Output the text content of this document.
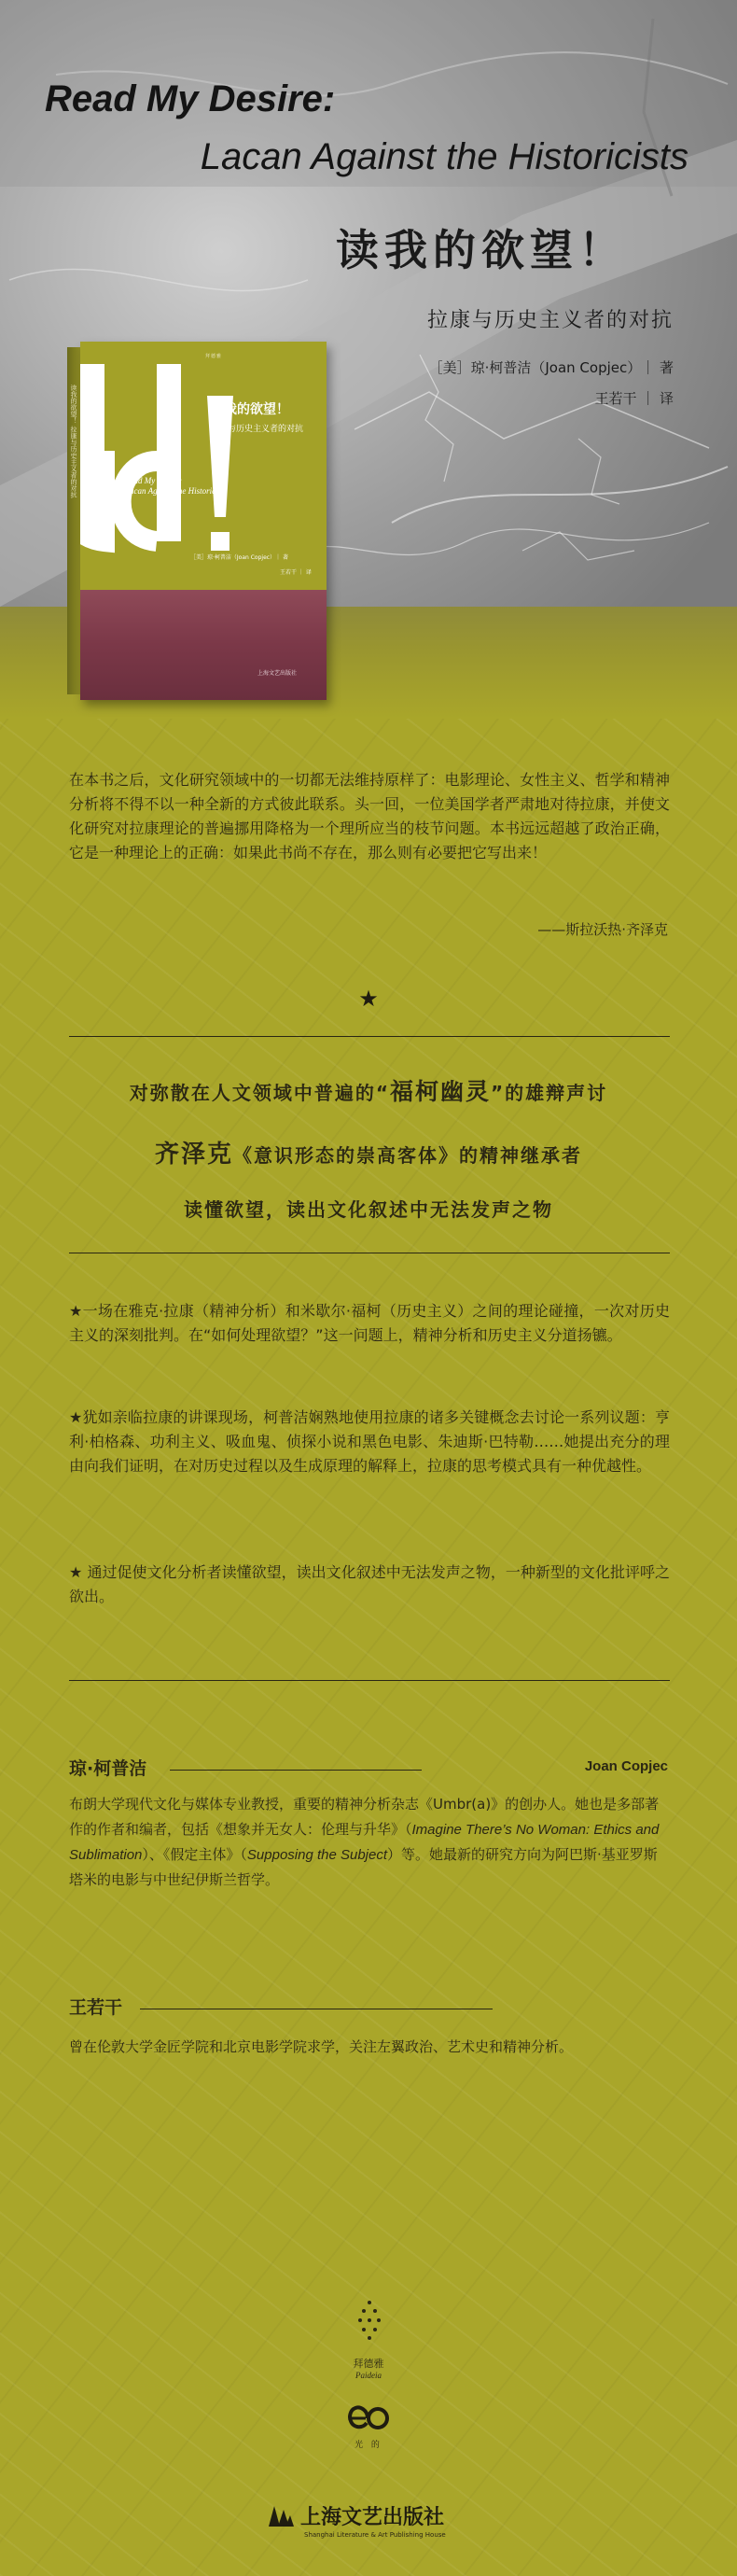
Read My Desire:
Lacan Against the Historicists
读我的欲望！
拉康与历史主义者的对抗
［美］琼·柯普洁（Joan Copjec）｜ 著
王若干 ｜ 译
读我的欲望！ 拉康与历史主义者的对抗
拜德雅
读我的欲望！
拉康与历史主义者的对抗
Read My Desire:
Lacan Against the Historicists
［美］琼·柯普洁（Joan Copjec）｜ 著
王若干 ｜ 译
上海文艺出版社
在本书之后，文化研究领域中的一切都无法维持原样了：电影理论、女性主义、哲学和精神分析将不得不以一种全新的方式彼此联系。头一回，一位美国学者严肃地对待拉康，并使文化研究对拉康理论的普遍挪用降格为一个理所应当的枝节问题。本书远远超越了政治正确，它是一种理论上的正确：如果此书尚不存在，那么则有必要把它写出来！
——斯拉沃热·齐泽克
★
对弥散在人文领域中普遍的“福柯幽灵”的雄辩声讨
齐泽克《意识形态的崇高客体》的精神继承者
读懂欲望，读出文化叙述中无法发声之物
★一场在雅克·拉康（精神分析）和米歇尔·福柯（历史主义）之间的理论碰撞，一次对历史主义的深刻批判。在“如何处理欲望？”这一问题上，精神分析和历史主义分道扬镳。
★犹如亲临拉康的讲课现场，柯普洁娴熟地使用拉康的诸多关键概念去讨论一系列议题：亨利·柏格森、功利主义、吸血鬼、侦探小说和黑色电影、朱迪斯·巴特勒……她提出充分的理由向我们证明，在对历史过程以及生成原理的解释上，拉康的思考模式具有一种优越性。
★ 通过促使文化分析者读懂欲望，读出文化叙述中无法发声之物，一种新型的文化批评呼之欲出。
琼·柯普洁	Joan Copjec
布朗大学现代文化与媒体专业教授，重要的精神分析杂志《Umbr(a)》的创办人。她也是多部著作的作者和编者，包括《想象并无女人：伦理与升华》（Imagine There’s No Woman: Ethics and Sublimation）、《假定主体》（Supposing the Subject）等。她最新的研究方向为阿巴斯·基亚罗斯塔米的电影与中世纪伊斯兰哲学。
王若干
曾在伦敦大学金匠学院和北京电影学院求学，关注左翼政治、艺术史和精神分析。
拜德雅
Paideia
光 的
上海文艺出版社
Shanghai Literature & Art Publishing House
